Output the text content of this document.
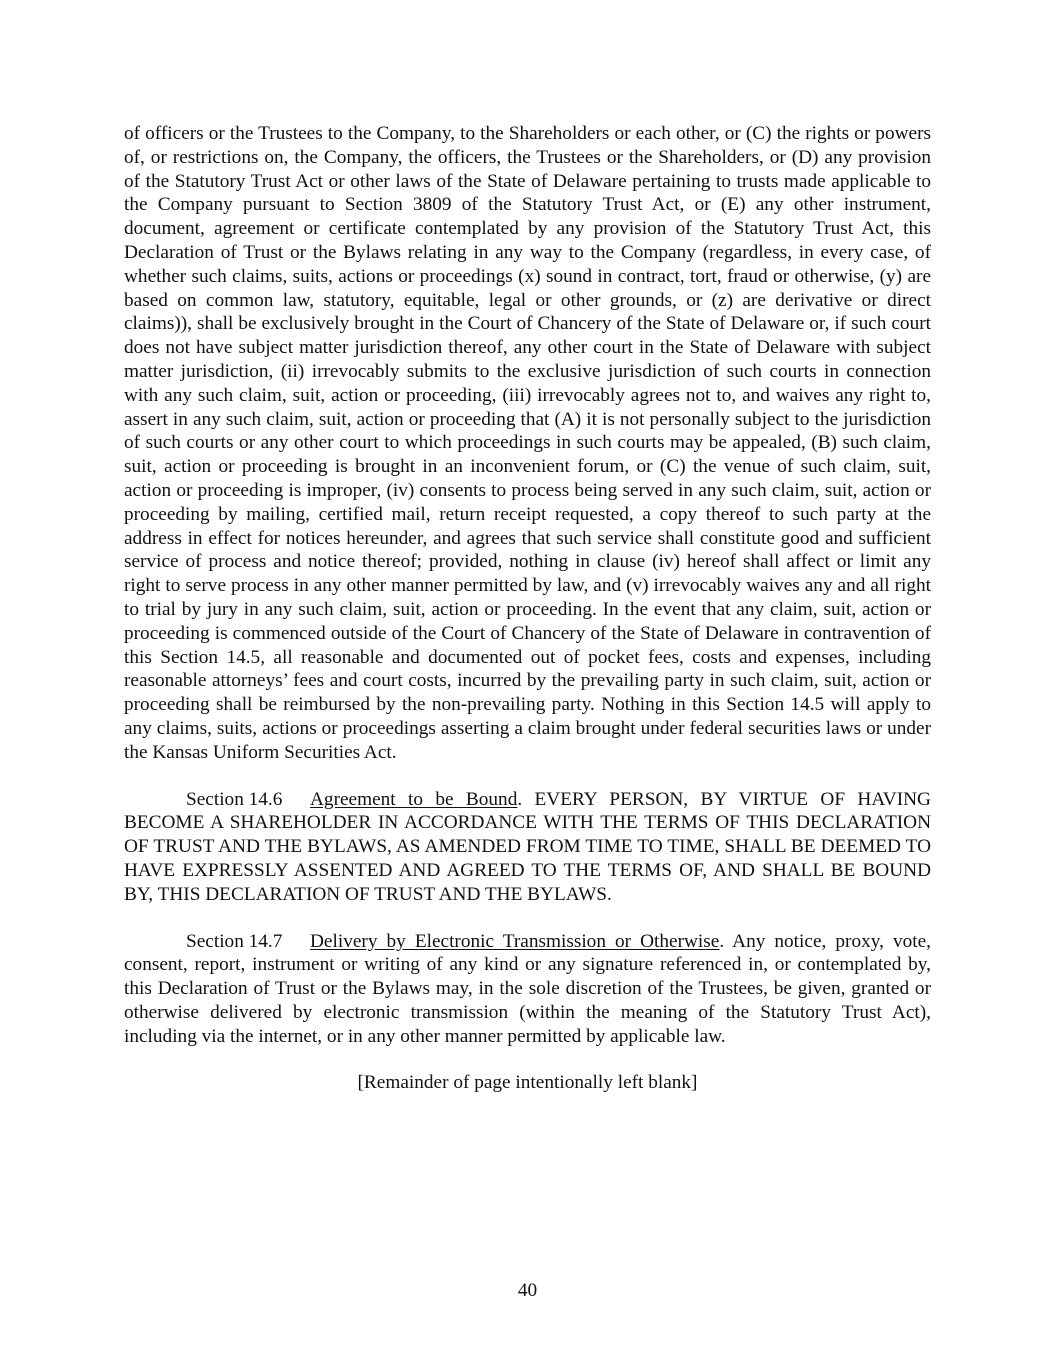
of officers or the Trustees to the Company, to the Shareholders or each other, or (C) the rights or powers of, or restrictions on, the Company, the officers, the Trustees or the Shareholders, or (D) any provision of the Statutory Trust Act or other laws of the State of Delaware pertaining to trusts made applicable to the Company pursuant to Section 3809 of the Statutory Trust Act, or (E) any other instrument, document, agreement or certificate contemplated by any provision of the Statutory Trust Act, this Declaration of Trust or the Bylaws relating in any way to the Company (regardless, in every case, of whether such claims, suits, actions or proceedings (x) sound in contract, tort, fraud or otherwise, (y) are based on common law, statutory, equitable, legal or other grounds, or (z) are derivative or direct claims)), shall be exclusively brought in the Court of Chancery of the State of Delaware or, if such court does not have subject matter jurisdiction thereof, any other court in the State of Delaware with subject matter jurisdiction, (ii) irrevocably submits to the exclusive jurisdiction of such courts in connection with any such claim, suit, action or proceeding, (iii) irrevocably agrees not to, and waives any right to, assert in any such claim, suit, action or proceeding that (A) it is not personally subject to the jurisdiction of such courts or any other court to which proceedings in such courts may be appealed, (B) such claim, suit, action or proceeding is brought in an inconvenient forum, or (C) the venue of such claim, suit, action or proceeding is improper, (iv) consents to process being served in any such claim, suit, action or proceeding by mailing, certified mail, return receipt requested, a copy thereof to such party at the address in effect for notices hereunder, and agrees that such service shall constitute good and sufficient service of process and notice thereof; provided, nothing in clause (iv) hereof shall affect or limit any right to serve process in any other manner permitted by law, and (v) irrevocably waives any and all right to trial by jury in any such claim, suit, action or proceeding. In the event that any claim, suit, action or proceeding is commenced outside of the Court of Chancery of the State of Delaware in contravention of this Section 14.5, all reasonable and documented out of pocket fees, costs and expenses, including reasonable attorneys’ fees and court costs, incurred by the prevailing party in such claim, suit, action or proceeding shall be reimbursed by the non-prevailing party. Nothing in this Section 14.5 will apply to any claims, suits, actions or proceedings asserting a claim brought under federal securities laws or under the Kansas Uniform Securities Act.

Section 14.6 Agreement to be Bound. EVERY PERSON, BY VIRTUE OF HAVING BECOME A SHAREHOLDER IN ACCORDANCE WITH THE TERMS OF THIS DECLARATION OF TRUST AND THE BYLAWS, AS AMENDED FROM TIME TO TIME, SHALL BE DEEMED TO HAVE EXPRESSLY ASSENTED AND AGREED TO THE TERMS OF, AND SHALL BE BOUND BY, THIS DECLARATION OF TRUST AND THE BYLAWS.

Section 14.7 Delivery by Electronic Transmission or Otherwise. Any notice, proxy, vote, consent, report, instrument or writing of any kind or any signature referenced in, or contemplated by, this Declaration of Trust or the Bylaws may, in the sole discretion of the Trustees, be given, granted or otherwise delivered by electronic transmission (within the meaning of the Statutory Trust Act), including via the internet, or in any other manner permitted by applicable law.

[Remainder of page intentionally left blank]

40
